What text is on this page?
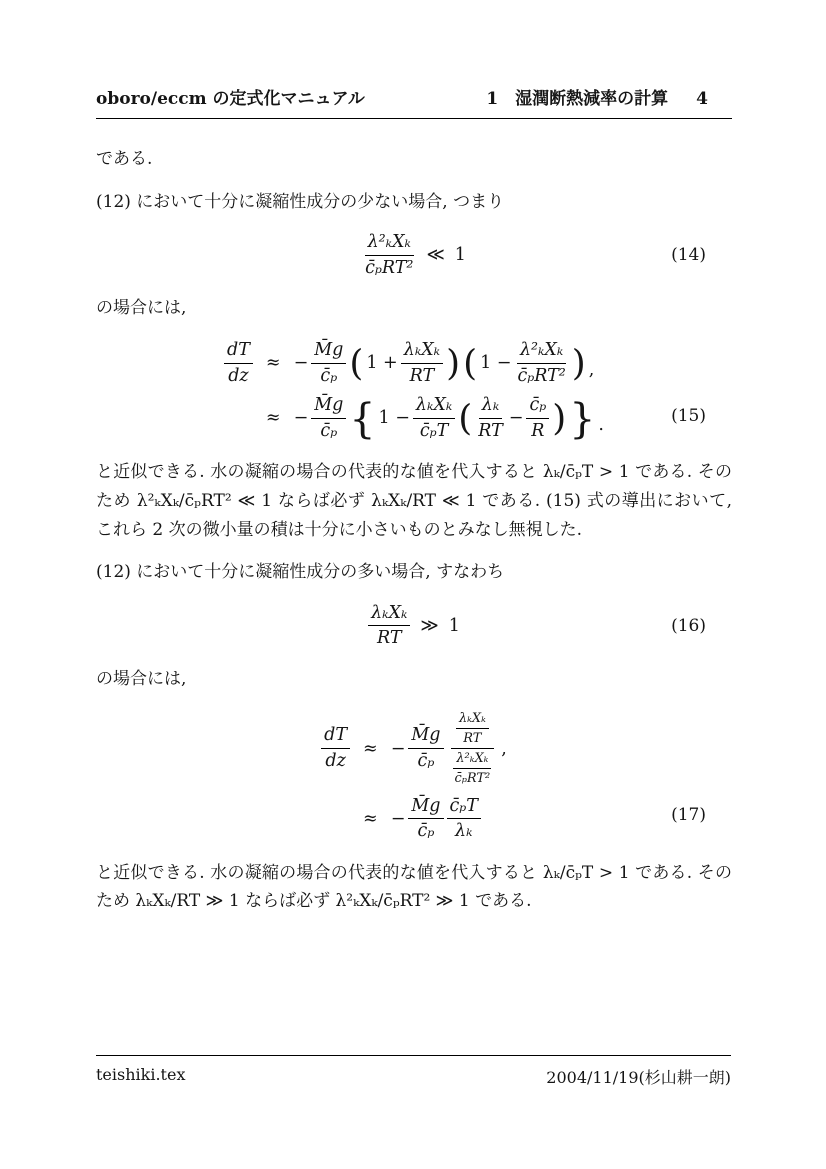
oboro/eccm の定式化マニュアル	1　湿潤断熱減率の計算 4

である.

(12) において十分に凝縮性成分の少ない場合, つまり

$\frac{\text{λ²ₖXₖ}}{\text{c̄ₚRT²}}$ ≪ 1	(14)

の場合には,

$\frac{dT}{dz}$ ≈ − $\frac{M̄g}{\text{c̄ₚ}}$ ( $1 + \frac{\text{λₖXₖ}}{RT}$ ) ( $1 - \frac{\text{λ²ₖXₖ}}{\text{c̄ₚRT²}}$ ) ,
≈ − $\frac{M̄g}{\text{c̄ₚ}}$ { $1 - \frac{\text{λₖXₖ}}{\text{c̄ₚT}}$ ( $\frac{\text{λₖ}}{RT} - \frac{\text{c̄ₚ}}{R}$ ) } .	(15)

と近似できる. 水の凝縮の場合の代表的な値を代入すると λₖ/c̄ₚT > 1 である. そのため λ²ₖXₖ/c̄ₚRT² ≪ 1 ならば必ず λₖXₖ/RT ≪ 1 である. (15) 式の導出において, これら 2 次の微小量の積は十分に小さいものとみなし無視した.

(12) において十分に凝縮性成分の多い場合, すなわち

$\frac{\text{λₖXₖ}}{RT}$ ≫ 1	(16)

の場合には,

$\frac{dT}{dz}$ ≈ − $\frac{M̄g}{\text{c̄ₚ}} \frac{\frac{\text{λₖXₖ}}{RT}}{\frac{\text{λ²ₖXₖ}}{\text{c̄ₚRT²}}}$ ,
≈ − $\frac{M̄g}{\text{c̄ₚ}} \frac{\text{c̄ₚT}}{\text{λₖ}}$	(17)

と近似できる. 水の凝縮の場合の代表的な値を代入すると λₖ/c̄ₚT > 1 である. そのため λₖXₖ/RT ≫ 1 ならば必ず λ²ₖXₖ/c̄ₚRT² ≫ 1 である.

teishiki.tex	2004/11/19(杉山耕一朗)
